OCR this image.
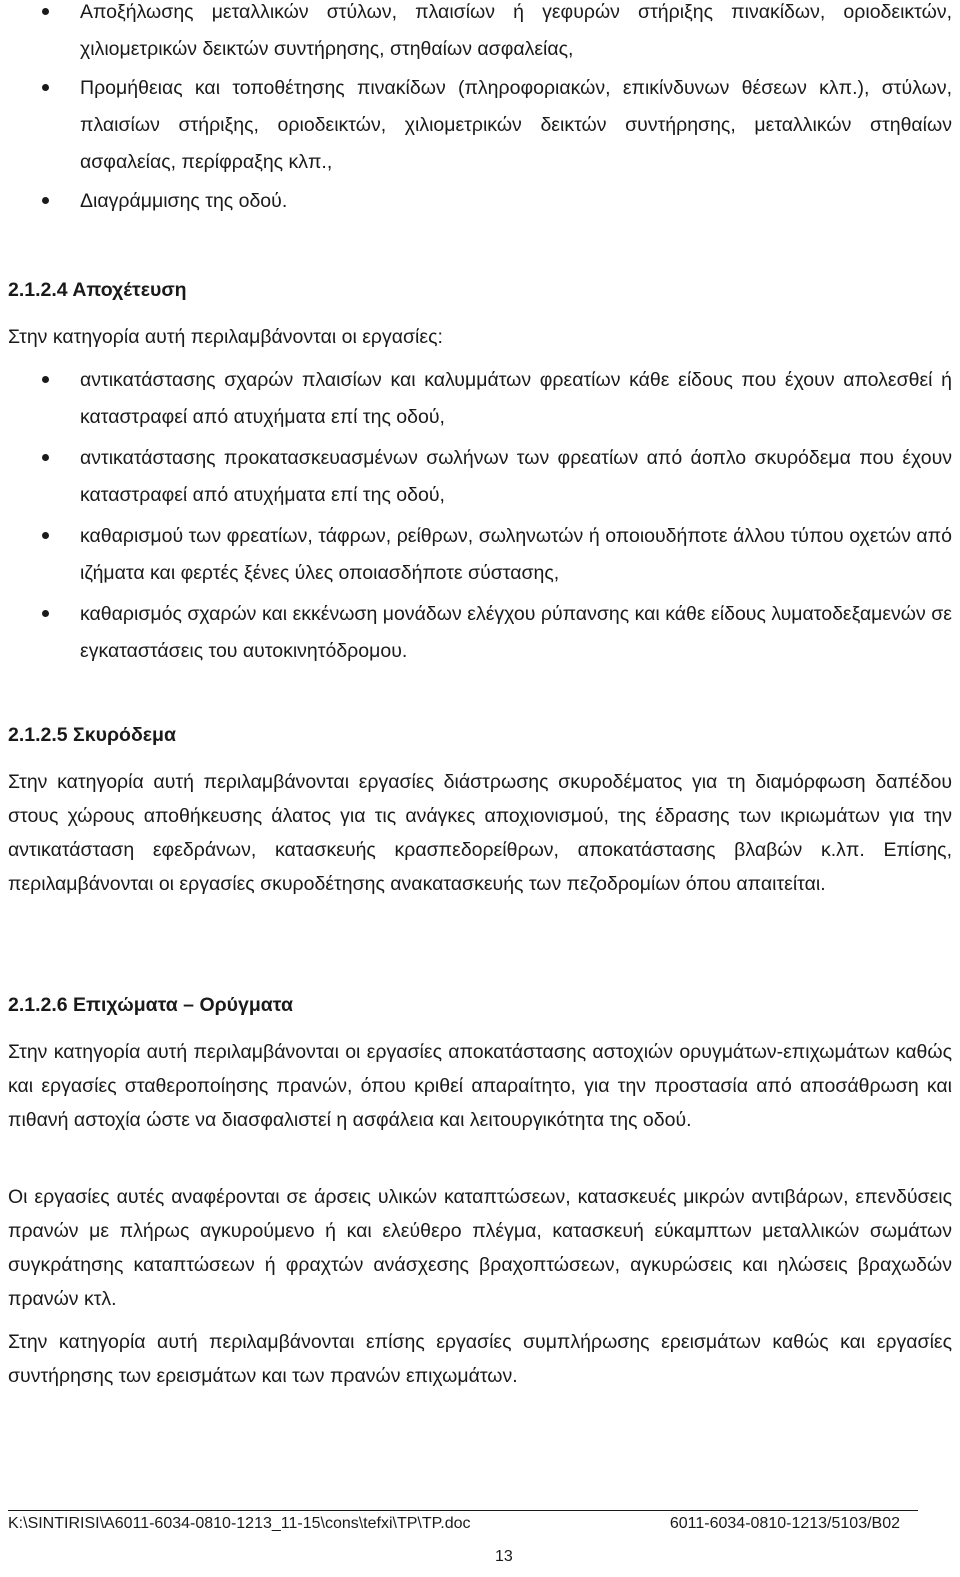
Αποξήλωσης μεταλλικών στύλων, πλαισίων ή γεφυρών στήριξης πινακίδων, οριοδεικτών, χιλιομετρικών δεικτών συντήρησης, στηθαίων ασφαλείας,
Προμήθειας και τοποθέτησης πινακίδων (πληροφοριακών, επικίνδυνων θέσεων κλπ.), στύλων, πλαισίων στήριξης, οριοδεικτών, χιλιομετρικών δεικτών συντήρησης, μεταλλικών στηθαίων ασφαλείας, περίφραξης κλπ.,
Διαγράμμισης της οδού.
2.1.2.4 Αποχέτευση
Στην κατηγορία αυτή περιλαμβάνονται οι εργασίες:
αντικατάστασης σχαρών πλαισίων και καλυμμάτων φρεατίων κάθε είδους που έχουν απολεσθεί ή καταστραφεί από ατυχήματα επί της οδού,
αντικατάστασης προκατασκευασμένων σωλήνων των φρεατίων από άοπλο σκυρόδεμα που έχουν καταστραφεί από ατυχήματα επί της οδού,
καθαρισμού των φρεατίων, τάφρων, ρείθρων, σωληνωτών ή οποιουδήποτε άλλου τύπου οχετών από ιζήματα και φερτές ξένες ύλες οποιασδήποτε σύστασης,
καθαρισμός σχαρών και εκκένωση μονάδων ελέγχου ρύπανσης και κάθε είδους λυματοδεξαμενών σε εγκαταστάσεις του αυτοκινητόδρομου.
2.1.2.5 Σκυρόδεμα
Στην κατηγορία αυτή περιλαμβάνονται εργασίες διάστρωσης σκυροδέματος για τη διαμόρφωση δαπέδου στους χώρους αποθήκευσης άλατος για τις ανάγκες αποχιονισμού, της έδρασης των ικριωμάτων για την αντικατάσταση εφεδράνων, κατασκευής κρασπεδορείθρων, αποκατάστασης βλαβών κ.λπ. Επίσης, περιλαμβάνονται οι εργασίες σκυροδέτησης ανακατασκευής των πεζοδρομίων όπου απαιτείται.
2.1.2.6 Επιχώματα – Ορύγματα
Στην κατηγορία αυτή περιλαμβάνονται οι εργασίες αποκατάστασης αστοχιών ορυγμάτων-επιχωμάτων καθώς και εργασίες σταθεροποίησης πρανών, όπου κριθεί απαραίτητο, για την προστασία από αποσάθρωση και πιθανή αστοχία ώστε να διασφαλιστεί η ασφάλεια και λειτουργικότητα της οδού.
Οι εργασίες αυτές αναφέρονται σε άρσεις υλικών καταπτώσεων, κατασκευές μικρών αντιβάρων, επενδύσεις πρανών με πλήρως αγκυρούμενο ή και ελεύθερο πλέγμα, κατασκευή εύκαμπτων μεταλλικών σωμάτων συγκράτησης καταπτώσεων ή φραχτών ανάσχεσης βραχοπτώσεων, αγκυρώσεις και ηλώσεις βραχωδών πρανών κτλ.
Στην κατηγορία αυτή περιλαμβάνονται επίσης εργασίες συμπλήρωσης ερεισμάτων καθώς και εργασίες συντήρησης των ερεισμάτων και των πρανών επιχωμάτων.
K:\SINTIRISI\A6011-6034-0810-1213_11-15\cons\tefxi\TP\TP.doc	6011-6034-0810-1213/5103/B02
13
